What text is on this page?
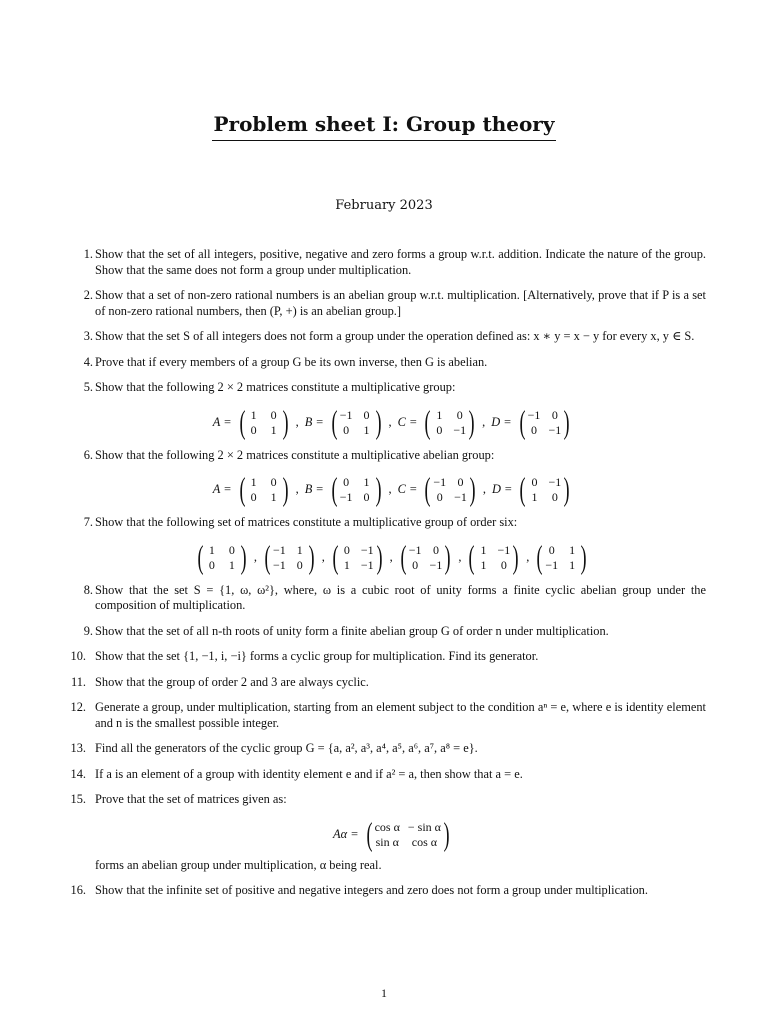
Problem sheet I: Group theory
February 2023
1. Show that the set of all integers, positive, negative and zero forms a group w.r.t. addition. Indicate the nature of the group. Show that the same does not form a group under multiplication.
2. Show that a set of non-zero rational numbers is an abelian group w.r.t. multiplication. [Alternatively, prove that if P is a set of non-zero rational numbers, then (P, +) is an abelian group.]
3. Show that the set S of all integers does not form a group under the operation defined as: x ∗ y = x − y for every x, y ∈ S.
4. Prove that if every members of a group G be its own inverse, then G is abelian.
5. Show that the following 2 × 2 matrices constitute a multiplicative group:
A = ( 1 0
0 1 ) , B = ( −1 0
0 1 ) , C = ( 1 0
0 −1 ) , D = ( −1 0
0 −1 )
6. Show that the following 2 × 2 matrices constitute a multiplicative abelian group:
A = ( 1 0
0 1 ) , B = ( 0 1
−1 0 ) , C = ( −1 0
0 −1 ) , D = ( 0 −1
1 0 )
7. Show that the following set of matrices constitute a multiplicative group of order six:
( 1 0
0 1 ) , ( −1 1
−1 0 ) , ( 0 −1
1 −1 ) , ( −1 0
0 −1 ) , ( 1 −1
1 0 ) , ( 0 1
−1 1 )
8. Show that the set S = {1, ω, ω²}, where, ω is a cubic root of unity forms a finite cyclic abelian group under the composition of multiplication.
9. Show that the set of all n-th roots of unity form a finite abelian group G of order n under multiplication.
10. Show that the set {1, −1, i, −i} forms a cyclic group for multiplication. Find its generator.
11. Show that the group of order 2 and 3 are always cyclic.
12. Generate a group, under multiplication, starting from an element subject to the condition aⁿ = e, where e is identity element and n is the smallest possible integer.
13. Find all the generators of the cyclic group G = {a, a², a³, a⁴, a⁵, a⁶, a⁷, a⁸ = e}.
14. If a is an element of a group with identity element e and if a² = a, then show that a = e.
15. Prove that the set of matrices given as:
Aα = ( cos α − sin α
sin α	cos α )
forms an abelian group under multiplication, α being real.
16. Show that the infinite set of positive and negative integers and zero does not form a group under multiplication.
1
